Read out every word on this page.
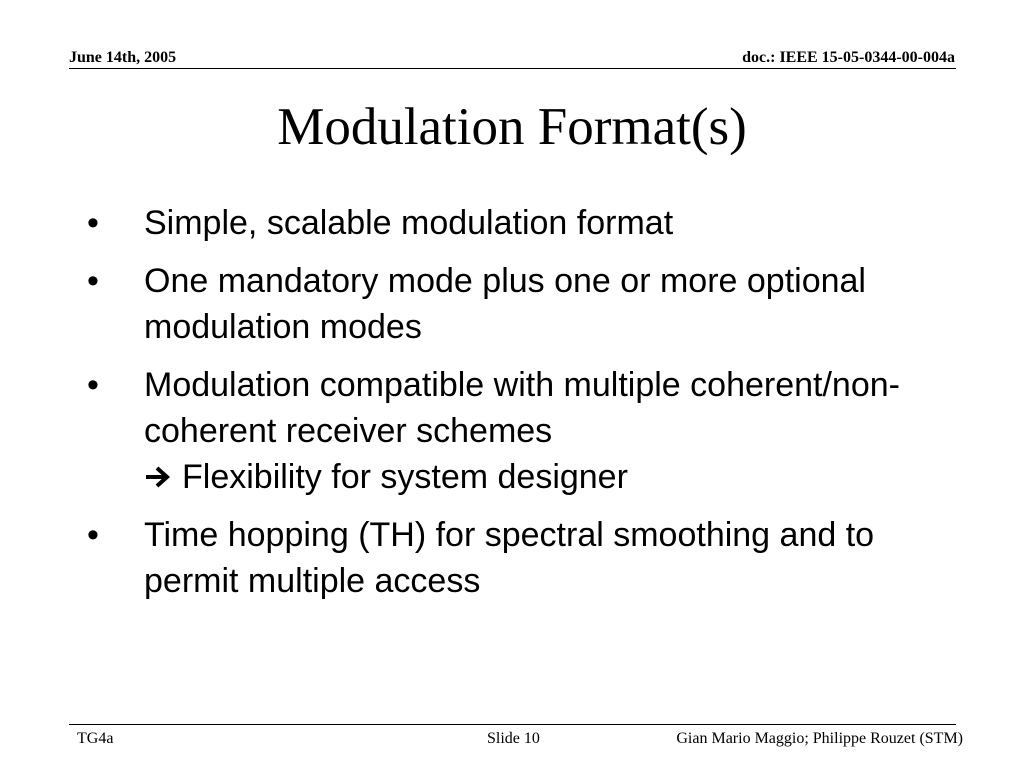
June 14th, 2005	doc.: IEEE 15-05-0344-00-004a
Modulation Format(s)
•	Simple, scalable modulation format
•	One mandatory mode plus one or more optional modulation modes
•	Modulation compatible with multiple coherent/non-coherent receiver schemes
Flexibility for system designer
•	Time hopping (TH) for spectral smoothing and to permit multiple access
TG4a	Slide 10	Gian Mario Maggio; Philippe Rouzet (STM)
